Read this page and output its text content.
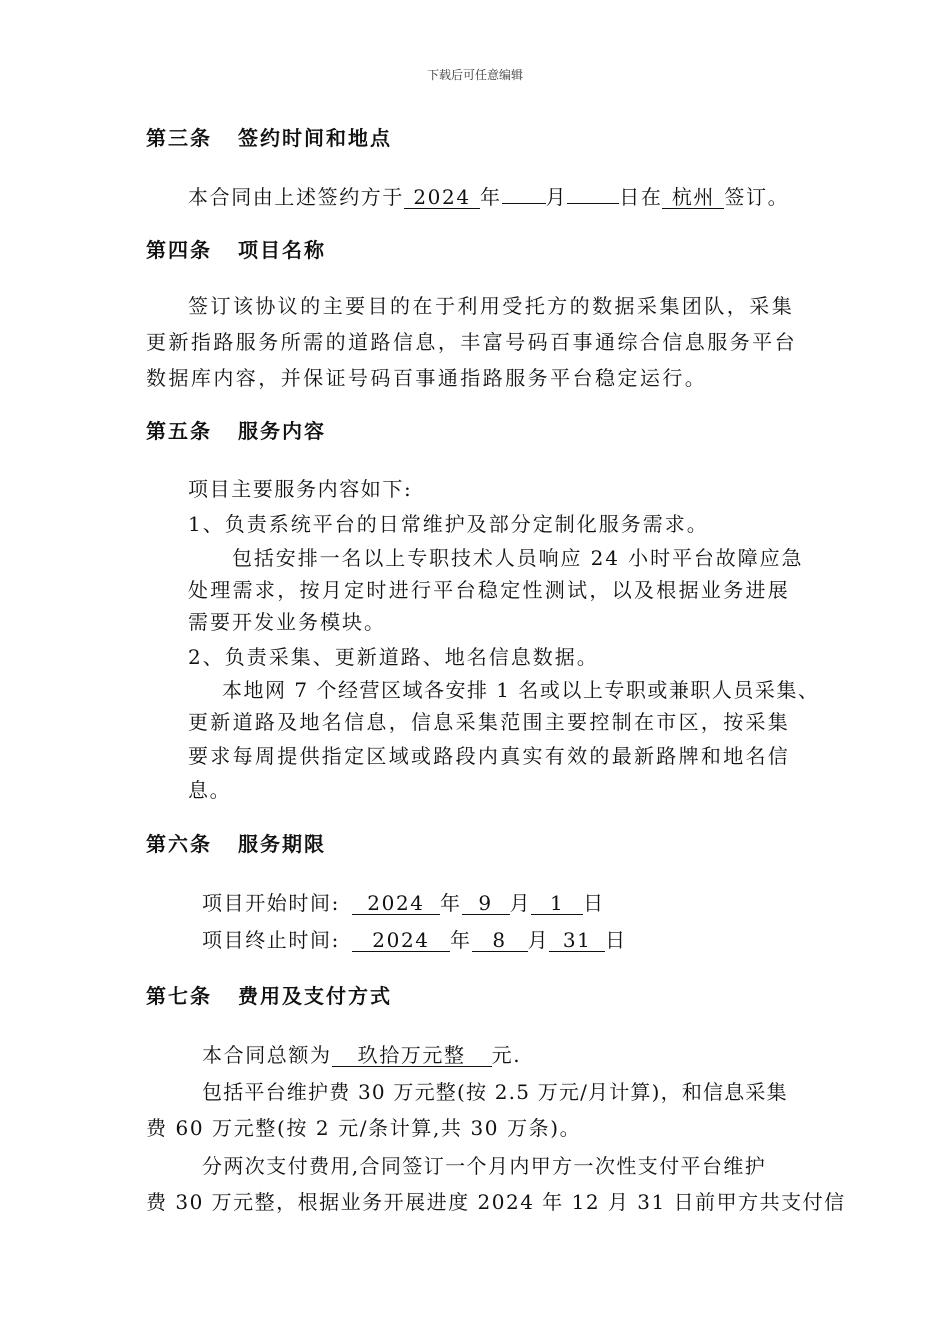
下载后可任意编辑
第三条 签约时间和地点
本合同由上述签约方于 2024 年 月	日在 杭州 签订。
第四条 项目名称
签订该协议的主要目的在于利用受托方的数据采集团队，采集
更新指路服务所需的道路信息，丰富号码百事通综合信息服务平台
数据库内容，并保证号码百事通指路服务平台稳定运行。
第五条 服务内容
项目主要服务内容如下:
1、负责系统平台的日常维护及部分定制化服务需求。
包括安排一名以上专职技术人员响应 24 小时平台故障应急
处理需求，按月定时进行平台稳定性测试，以及根据业务进展
需要开发业务模块。
2、负责采集、更新道路、地名信息数据。
本地网 7 个经营区域各安排 1 名或以上专职或兼职人员采集、
更新道路及地名信息，信息采集范围主要控制在市区，按采集
要求每周提供指定区域或路段内真实有效的最新路牌和地名信
息。
第六条 服务期限
项目开始时间: 2024 年 9 月 1 日
项目终止时间: 2024 年 8 月 31 日
第七条 费用及支付方式
本合同总额为 玖拾万元整 元.
包括平台维护费 30 万元整(按 2.5 万元/月计算)，和信息采集
费 60 万元整(按 2 元/条计算,共 30 万条)。
分两次支付费用,合同签订一个月内甲方一次性支付平台维护
费 30 万元整，根据业务开展进度 2024 年 12 月 31 日前甲方共支付信
